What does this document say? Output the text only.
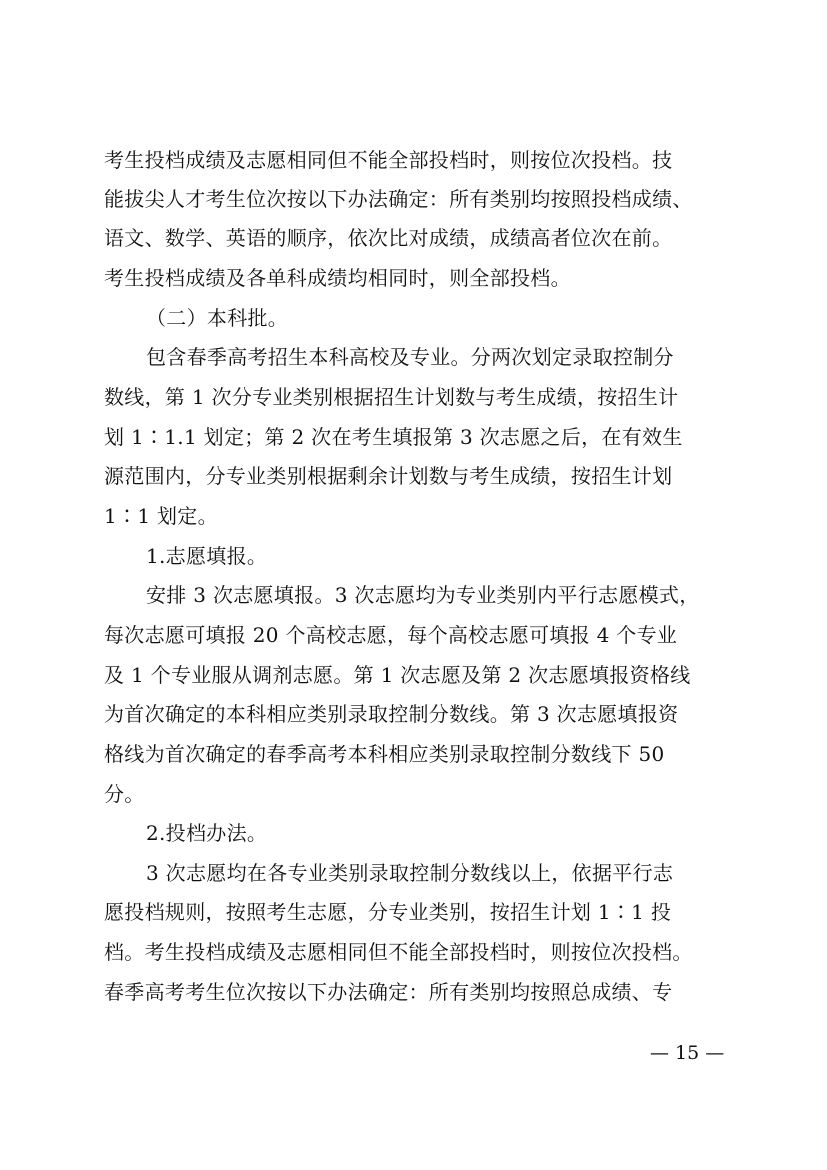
考生投档成绩及志愿相同但不能全部投档时，则按位次投档。技
能拔尖人才考生位次按以下办法确定：所有类别均按照投档成绩、
语文、数学、英语的顺序，依次比对成绩，成绩高者位次在前。
考生投档成绩及各单科成绩均相同时，则全部投档。
（二）本科批。
包含春季高考招生本科高校及专业。分两次划定录取控制分
数线，第 1 次分专业类别根据招生计划数与考生成绩，按招生计
划 1∶1.1 划定；第 2 次在考生填报第 3 次志愿之后，在有效生
源范围内，分专业类别根据剩余计划数与考生成绩，按招生计划
1∶1 划定。
1.志愿填报。
安排 3 次志愿填报。3 次志愿均为专业类别内平行志愿模式，
每次志愿可填报 20 个高校志愿，每个高校志愿可填报 4 个专业
及 1 个专业服从调剂志愿。第 1 次志愿及第 2 次志愿填报资格线
为首次确定的本科相应类别录取控制分数线。第 3 次志愿填报资
格线为首次确定的春季高考本科相应类别录取控制分数线下 50
分。
2.投档办法。
3 次志愿均在各专业类别录取控制分数线以上，依据平行志
愿投档规则，按照考生志愿，分专业类别，按招生计划 1∶1 投
档。考生投档成绩及志愿相同但不能全部投档时，则按位次投档。
春季高考考生位次按以下办法确定：所有类别均按照总成绩、专
— 15 —
